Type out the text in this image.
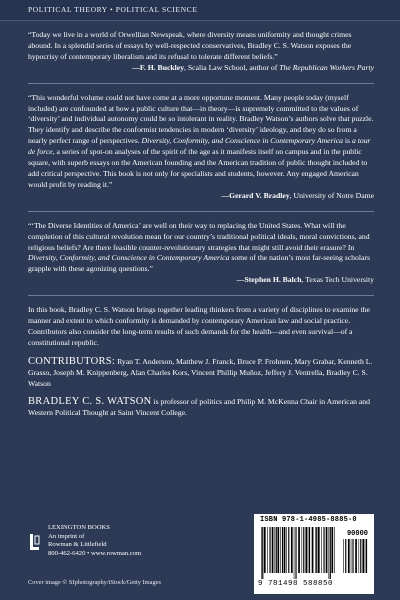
POLITICAL THEORY • POLITICAL SCIENCE

“Today we live in a world of Orwellian Newspeak, where diversity means uniformity and thought crimes abound. In a splendid series of essays by well-respected conservatives, Bradley C. S. Watson exposes the hypocrisy of contemporary liberalism and its refusal to tolerate different beliefs.”

—F. H. Buckley, Scalia Law School, author of The Republican Workers Party

“This wonderful volume could not have come at a more opportune moment. Many people today (myself included) are confounded at how a public culture that—in theory—is supremely committed to the values of ‘diversity’ and individual autonomy could be so intolerant in reality. Bradley Watson’s authors solve that puzzle. They identify and describe the conformist tendencies in modern ‘diversity’ ideology, and they do so from a nearly perfect range of perspectives. Diversity, Conformity, and Conscience in Contemporary America is a tour de force, a series of spot-on analyses of the spirit of the age as it manifests itself on campus and in the public square, with superb essays on the American founding and the American tradition of public thought included to add critical perspective. This book is not only for specialists and students, however. Any engaged American would profit by reading it.”

—Gerard V. Bradley, University of Notre Dame

“‘The Diverse Identities of America’ are well on their way to replacing the United States. What will the completion of this cultural revolution mean for our country’s traditional political ideals, moral convictions, and religious beliefs? Are there feasible counter-revolutionary strategies that might still avoid their erasure? In Diversity, Conformity, and Conscience in Contemporary America some of the nation’s most far-seeing scholars grapple with these agonizing questions.”

—Stephen H. Balch, Texas Tech University

In this book, Bradley C. S. Watson brings together leading thinkers from a variety of disciplines to examine the manner and extent to which conformity is demanded by contemporary American law and social practice. Contributors also consider the long-term results of such demands for the health—and even survival—of a constitutional republic.

CONTRIBUTORS: Ryan T. Anderson, Matthew J. Franck, Bruce P. Frohnen, Mary Grabar, Kenneth L. Grasso, Joseph M. Knippenberg, Alan Charles Kors, Vincent Phillip Muñoz, Jeffery J. Ventrella, Bradley C. S. Watson

BRADLEY C. S. WATSON is professor of politics and Philip M. McKenna Chair in American and Western Political Thought at Saint Vincent College.

LEXINGTON BOOKS
An imprint of
Rowman & Littlefield
800-462-6420 • www.rowman.com
Cover image © SIphotography/iStock/Getty Images
ISBN 978-1-4985-8885-0
90000
9 781498 588850
